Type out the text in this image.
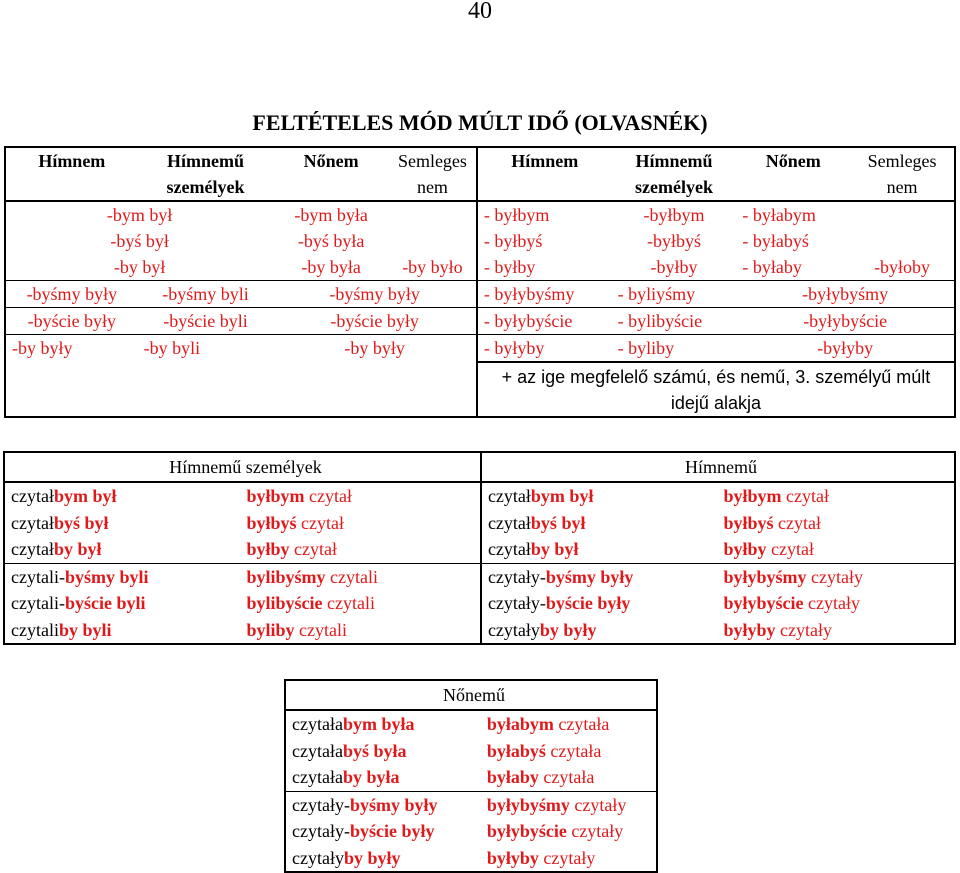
40
FELTÉTELES MÓD MÚLT IDŐ (OLVASNÉK)
Hímnem	Hímnemű személyek	Nőnem	Semleges nem	Hímnem	Hímnemű személyek	Nőnem	Semleges nem
-bym był		-bym była		- byłbym	-byłbym	- byłabym	
-byś był		-byś była		- byłbyś	-byłbyś	- byłabyś	
-by był		-by była	-by było	- byłby	-byłby	- byłaby	-byłoby
-byśmy były	-byśmy byli	-byśmy były		- byłybyśmy	- byliyśmy	-byłybyśmy	
-byście były	-byście byli	-byście były		- byłybyście	- bylibyście	-byłybyście	
-by były	-by byli	-by były		- byłyby	- byliby	-byłyby	
				+ az ige megfelelő számú, és nemű, 3. személyű múlt idejű alakja			
Hímnemű személyek		Hímnemű	
czytałbym był	byłbym czytał	czytałbym był	byłbym czytał
czytałbyś był	byłbyś czytał	czytałbyś był	byłbyś czytał
czytałby był	byłby czytał	czytałby był	byłby czytał
czytali-byśmy byli	bylibyśmy czytali	czytały-byśmy były	byłybyśmy czytały
czytali-byście byli	bylibyście czytali	czytały-byście były	byłybyście czytały
czytaliby byli	byliby czytali	czytałyby były	byłyby czytały
Nőnemű	
czytałabym była	byłabym czytała
czytałabyś była	byłabyś czytała
czytałaby była	byłaby czytała
czytały-byśmy były	byłybyśmy czytały
czytały-byście były	byłybyście czytały
czytałyby były	byłyby czytały
